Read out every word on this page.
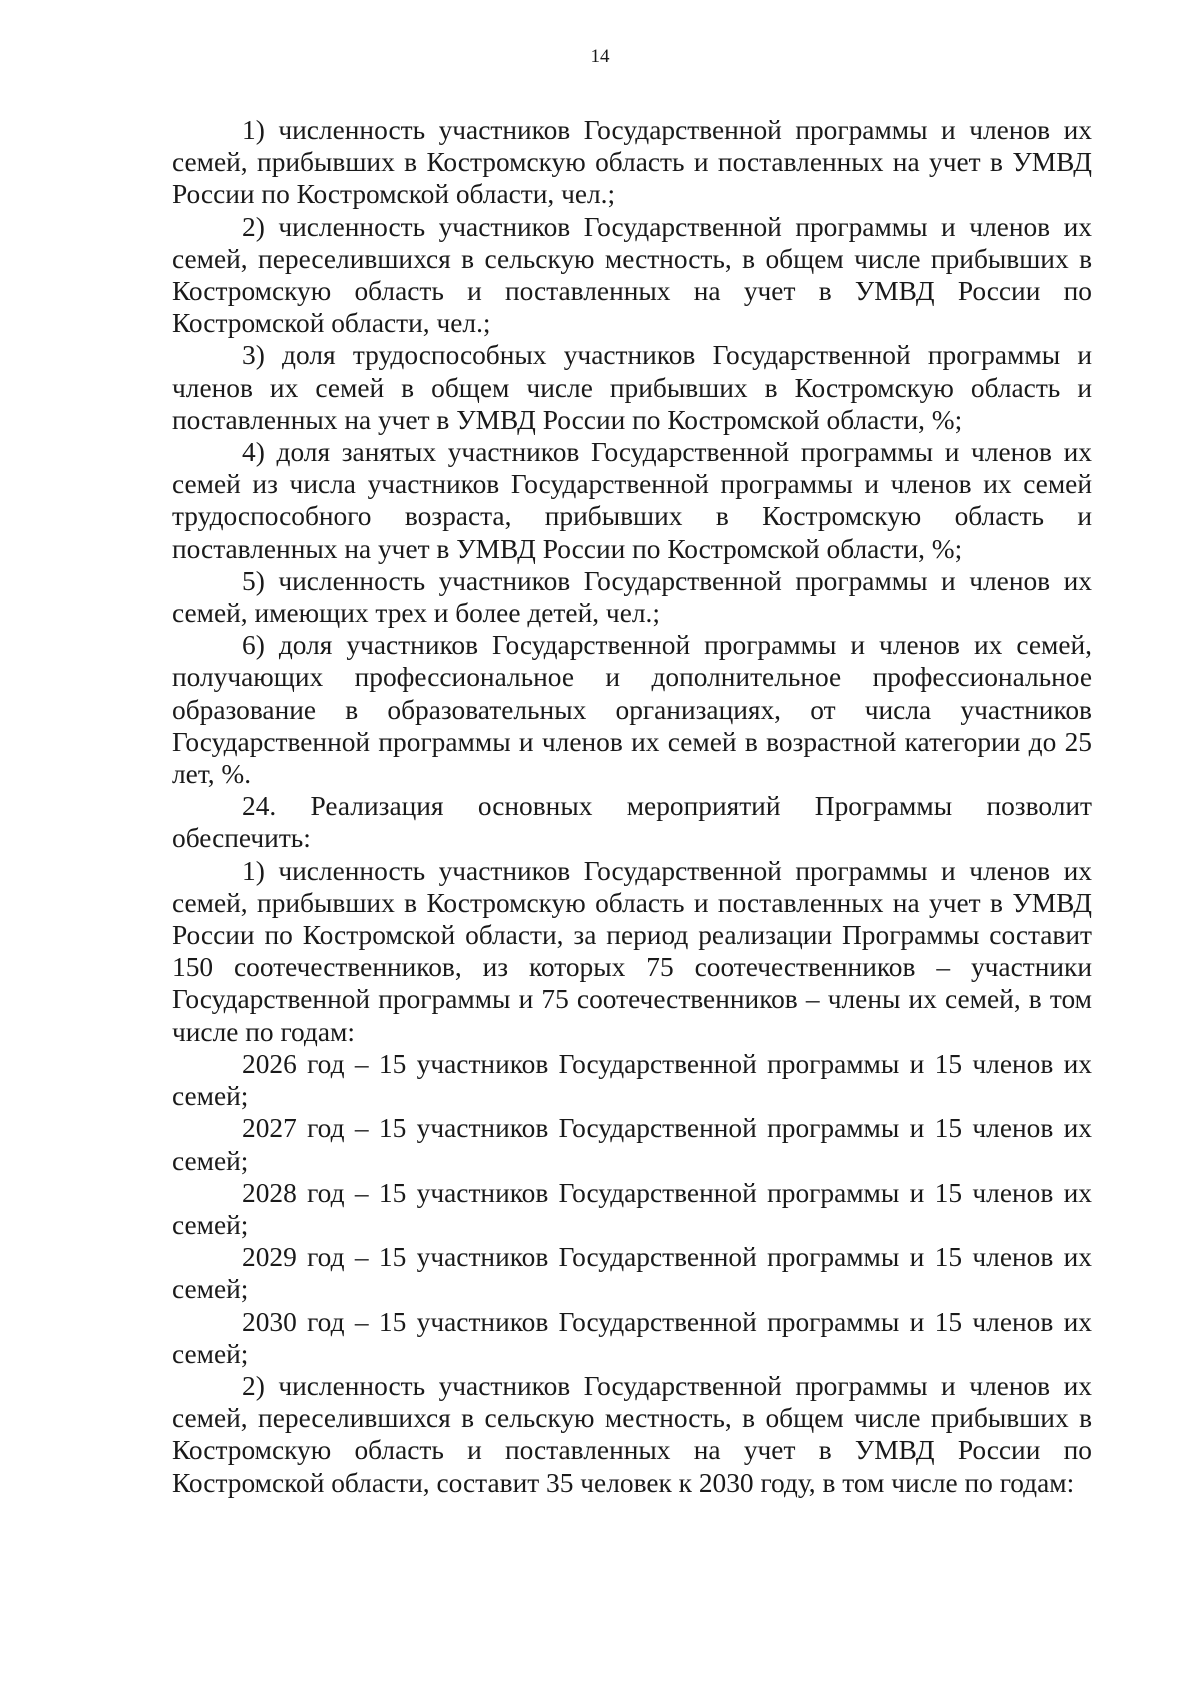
14

1) численность участников Государственной программы и членов их семей, прибывших в Костромскую область и поставленных на учет в УМВД России по Костромской области, чел.;

2) численность участников Государственной программы и членов их семей, переселившихся в сельскую местность, в общем числе прибывших в Костромскую область и поставленных на учет в УМВД России по Костромской области, чел.;

3) доля трудоспособных участников Государственной программы и членов их семей в общем числе прибывших в Костромскую область и поставленных на учет в УМВД России по Костромской области, %;

4) доля занятых участников Государственной программы и членов их семей из числа участников Государственной программы и членов их семей трудоспособного возраста, прибывших в Костромскую область и поставленных на учет в УМВД России по Костромской области, %;

5) численность участников Государственной программы и членов их семей, имеющих трех и более детей, чел.;

6) доля участников Государственной программы и членов их семей, получающих профессиональное и дополнительное профессиональное образование в образовательных организациях, от числа участников Государственной программы и членов их семей в возрастной категории до 25 лет, %.

24. Реализация основных мероприятий Программы позволит обеспечить:

1) численность участников Государственной программы и членов их семей, прибывших в Костромскую область и поставленных на учет в УМВД России по Костромской области, за период реализации Программы составит 150 соотечественников, из которых 75 соотечественников – участники Государственной программы и 75 соотечественников – члены их семей, в том числе по годам:

2026 год – 15 участников Государственной программы и 15 членов их семей;

2027 год – 15 участников Государственной программы и 15 членов их семей;

2028 год – 15 участников Государственной программы и 15 членов их семей;

2029 год – 15 участников Государственной программы и 15 членов их семей;

2030 год – 15 участников Государственной программы и 15 членов их семей;

2) численность участников Государственной программы и членов их семей, переселившихся в сельскую местность, в общем числе прибывших в Костромскую область и поставленных на учет в УМВД России по Костромской области, составит 35 человек к 2030 году, в том числе по годам:
